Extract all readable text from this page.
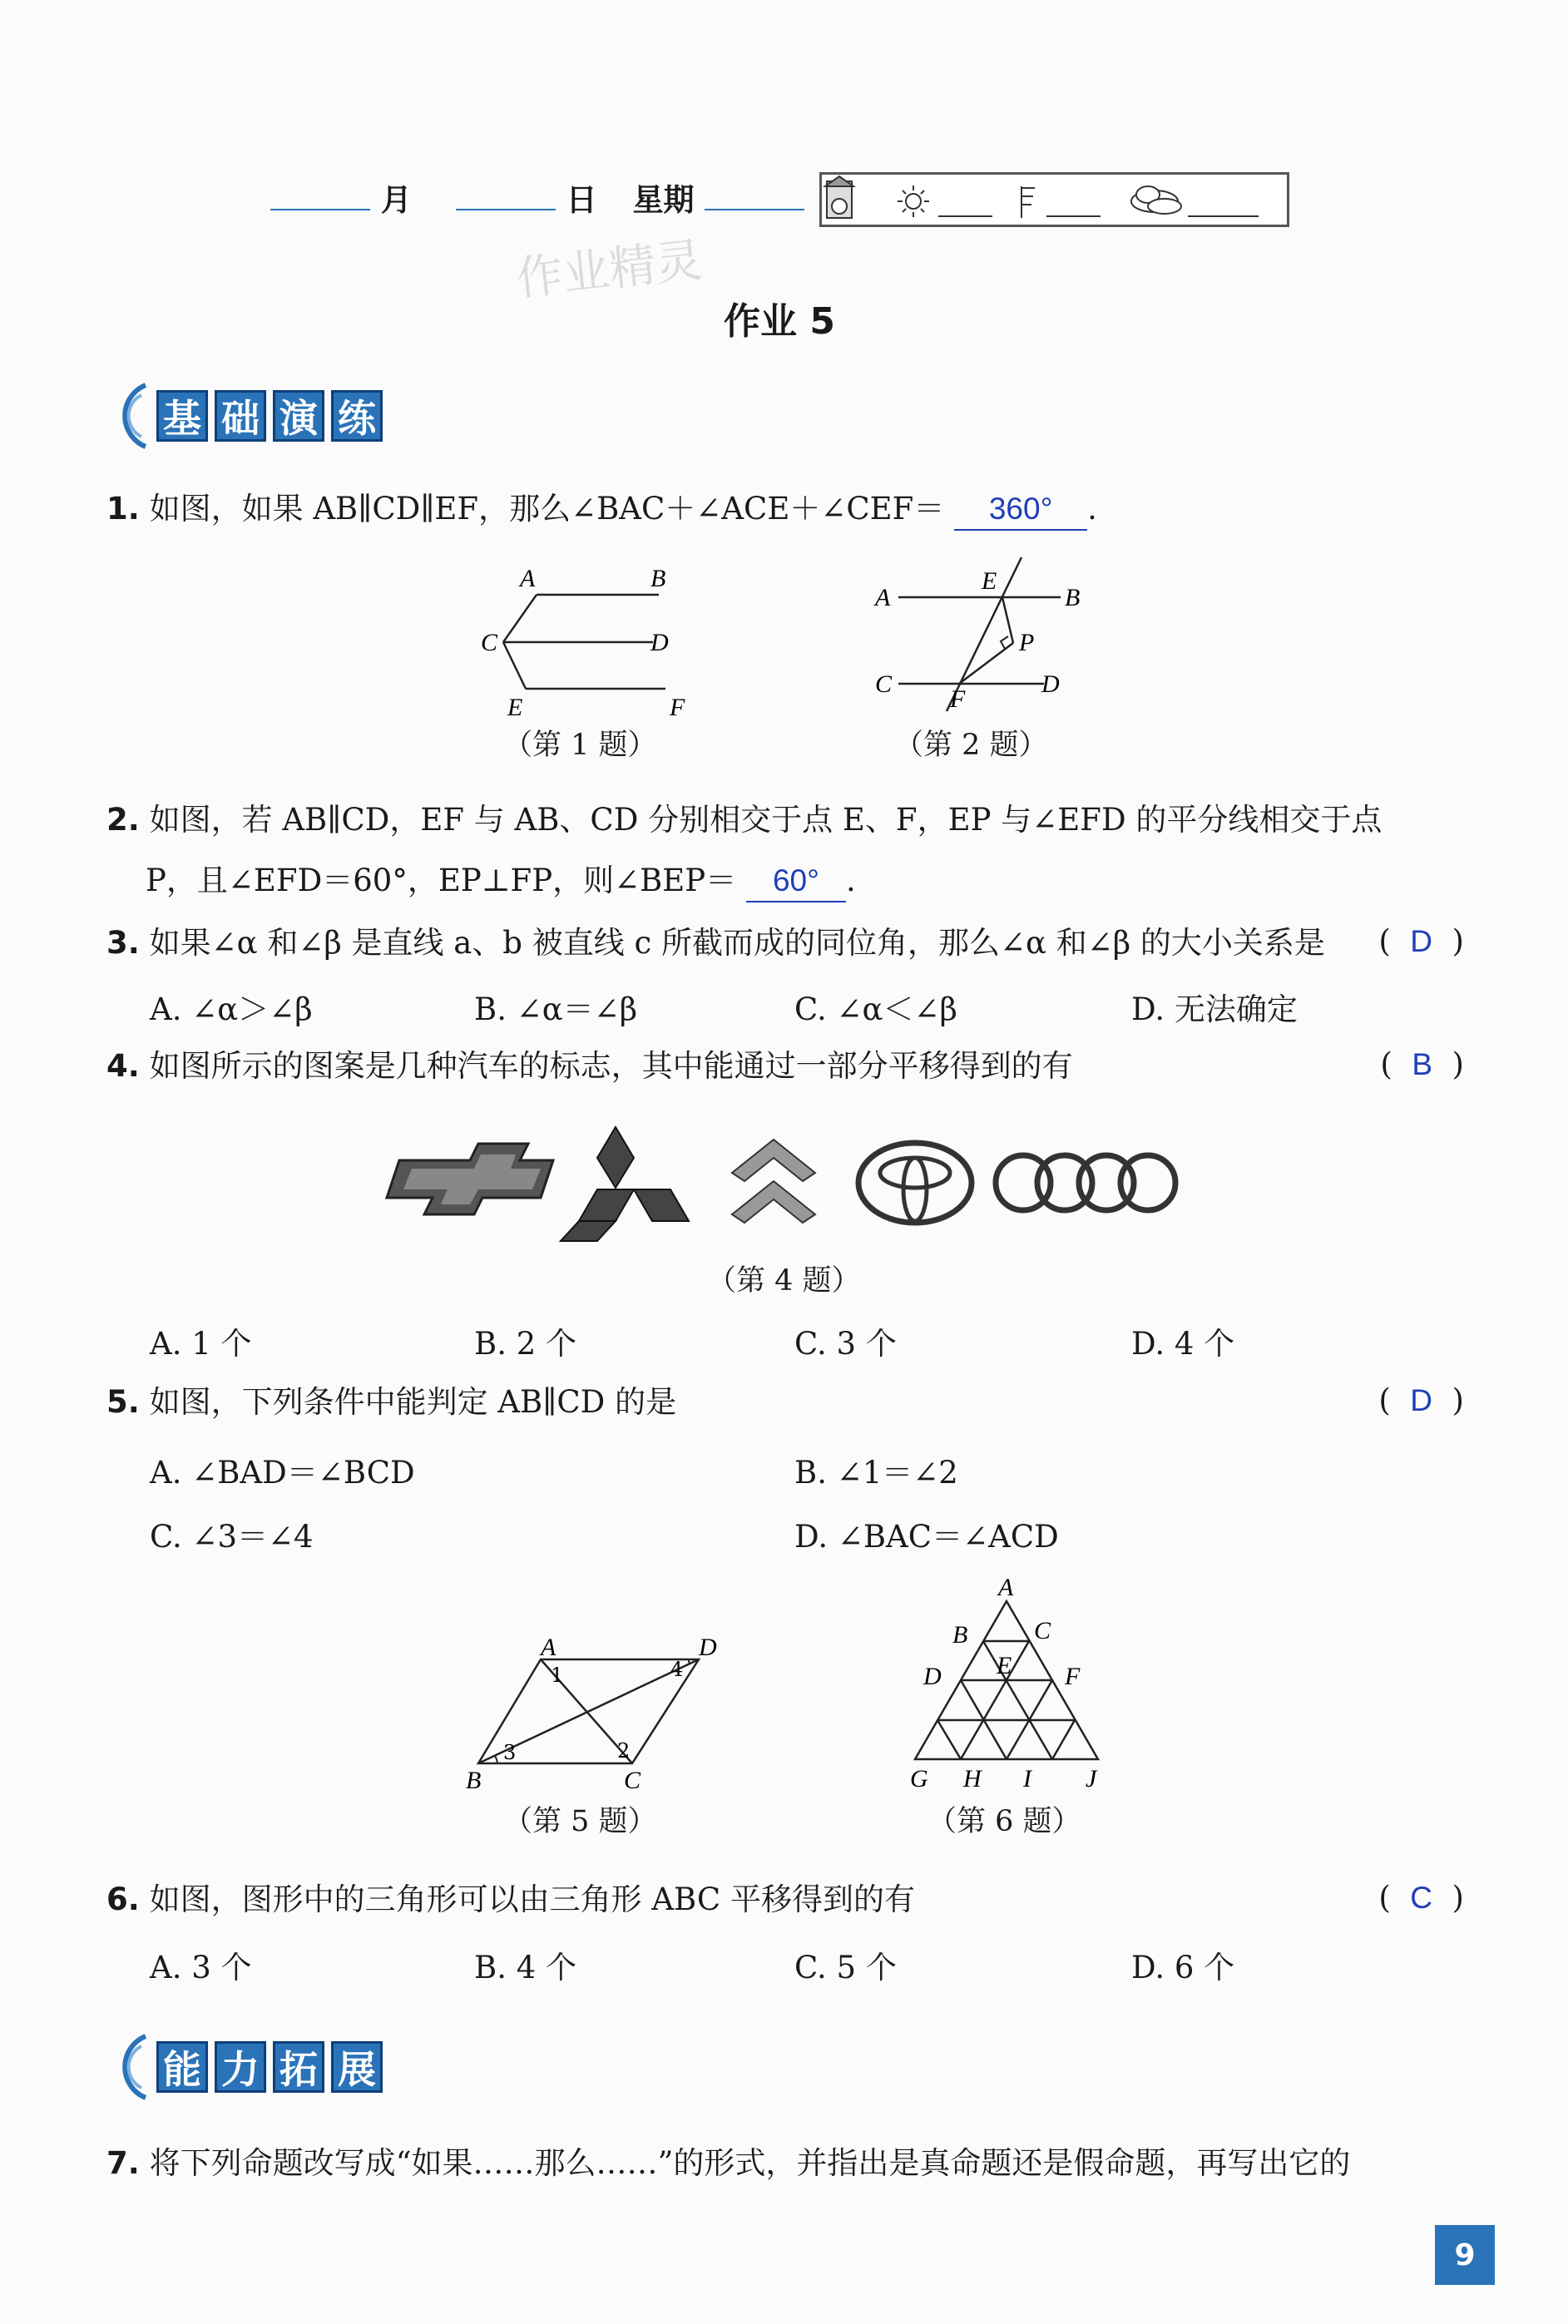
月	日 星期
作业精灵
作业 5
基 础 演 练
1. 如图，如果 AB∥CD∥EF，那么∠BAC＋∠ACE＋∠CEF＝ 360° .
A	B
C	D
E	F
（第 1 题）
A	B
E
P
C	D
F
（第 2 题）
2. 如图，若 AB∥CD，EF 与 AB、CD 分别相交于点 E、F，EP 与∠EFD 的平分线相交于点
P，且∠EFD＝60°，EP⊥FP，则∠BEP＝ 60° .
3. 如果∠α 和∠β 是直线 a、b 被直线 c 所截而成的同位角，那么∠α 和∠β 的大小关系是 (  D  )
A. ∠α＞∠β	B. ∠α＝∠β	C. ∠α＜∠β	D. 无法确定
4. 如图所示的图案是几种汽车的标志，其中能通过一部分平移得到的有	(  B  )
（第 4 题）
A. 1 个	B. 2 个	C. 3 个	D. 4 个
5. 如图，下列条件中能判定 AB∥CD 的是	(  D  )
A. ∠BAD＝∠BCD	B. ∠1＝∠2
C. ∠3＝∠4	D. ∠BAC＝∠ACD
A	D
B	C
1
2
3
4
（第 5 题）
A
B	C
E
D	F
G H I J
（第 6 题）
6. 如图，图形中的三角形可以由三角形 ABC 平移得到的有	(  C  )
A. 3 个	B. 4 个	C. 5 个	D. 6 个
能 力 拓 展
7. 将下列命题改写成“如果……那么……”的形式，并指出是真命题还是假命题，再写出它的
9
